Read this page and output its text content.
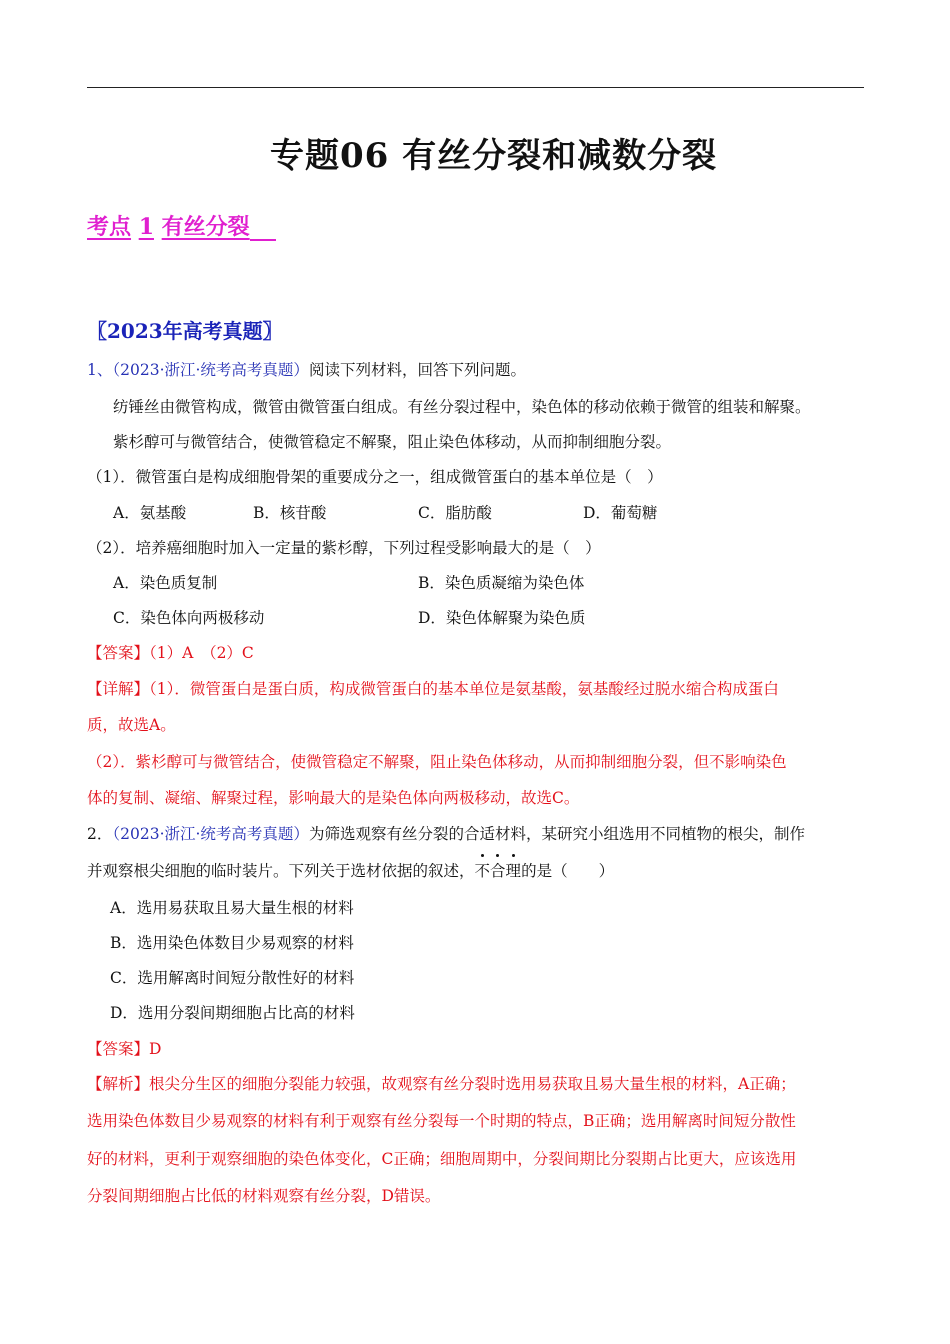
专题06 有丝分裂和减数分裂
考点 1 有丝分裂
〖2023年高考真题〗
1、（2023·浙江·统考高考真题）阅读下列材料，回答下列问题。
纺锤丝由微管构成，微管由微管蛋白组成。有丝分裂过程中，染色体的移动依赖于微管的组装和解聚。
紫杉醇可与微管结合，使微管稳定不解聚，阻止染色体移动，从而抑制细胞分裂。
（1）．微管蛋白是构成细胞骨架的重要成分之一，组成微管蛋白的基本单位是（　）
A．氨基酸	B．核苷酸	C．脂肪酸	D．葡萄糖
（2）．培养癌细胞时加入一定量的紫杉醇，下列过程受影响最大的是（　）
A．染色质复制	B．染色质凝缩为染色体
C．染色体向两极移动	D．染色体解聚为染色质
【答案】（1）A　（2）C
【详解】（1）．微管蛋白是蛋白质，构成微管蛋白的基本单位是氨基酸，氨基酸经过脱水缩合构成蛋白
质，故选A。
（2）．紫杉醇可与微管结合，使微管稳定不解聚，阻止染色体移动，从而抑制细胞分裂，但不影响染色
体的复制、凝缩、解聚过程，影响最大的是染色体向两极移动，故选C。
2．（2023·浙江·统考高考真题）为筛选观察有丝分裂的合适材料，某研究小组选用不同植物的根尖，制作
并观察根尖细胞的临时装片。下列关于选材依据的叙述，不合理的是（　　）
A．选用易获取且易大量生根的材料
B．选用染色体数目少易观察的材料
C．选用解离时间短分散性好的材料
D．选用分裂间期细胞占比高的材料
【答案】D
【解析】根尖分生区的细胞分裂能力较强，故观察有丝分裂时选用易获取且易大量生根的材料，A正确；
选用染色体数目少易观察的材料有利于观察有丝分裂每一个时期的特点，B正确；选用解离时间短分散性
好的材料，更利于观察细胞的染色体变化，C正确；细胞周期中，分裂间期比分裂期占比更大，应该选用
分裂间期细胞占比低的材料观察有丝分裂，D错误。
